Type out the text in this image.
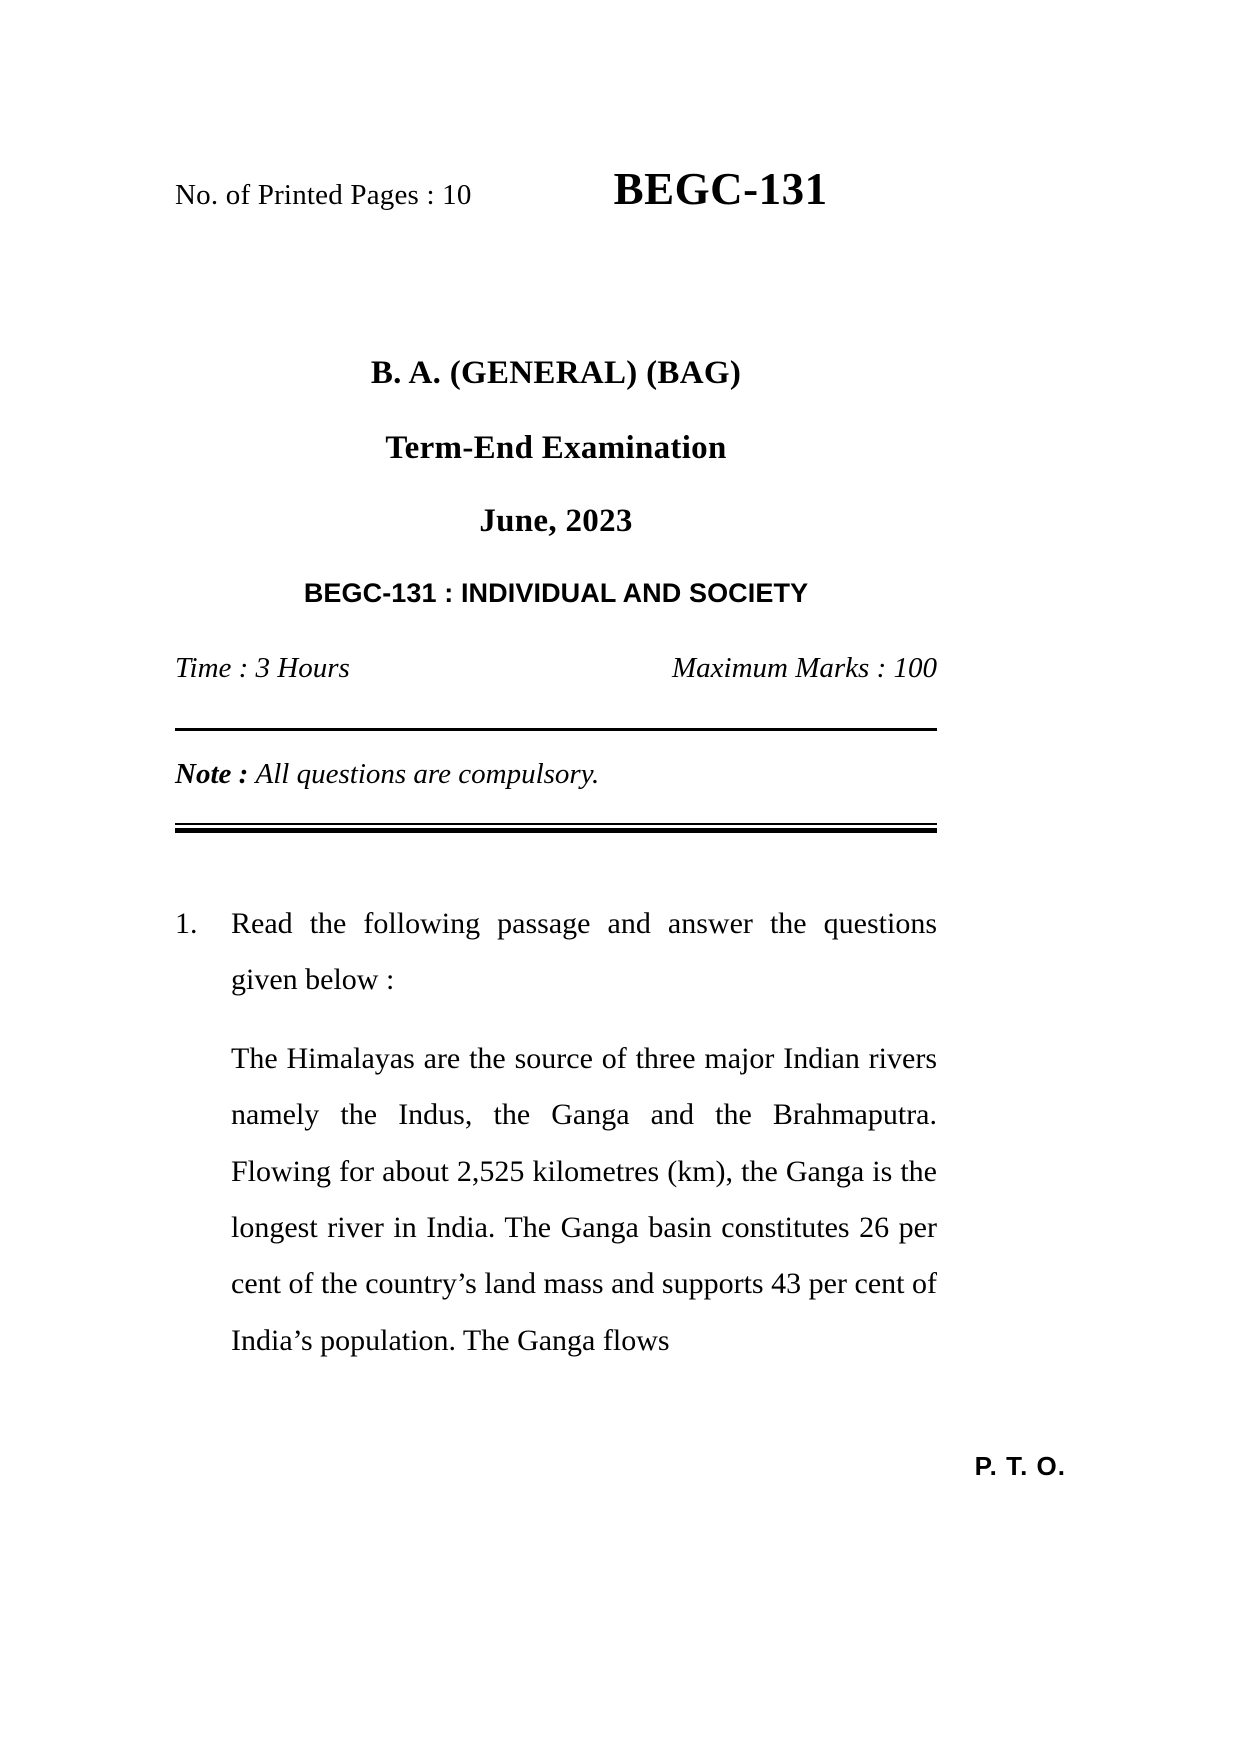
No. of Printed Pages : 10	BEGC-131
B. A. (GENERAL) (BAG)
Term-End Examination
June, 2023
BEGC-131 : INDIVIDUAL AND SOCIETY
Time : 3 Hours	Maximum Marks : 100
Note : All questions are compulsory.
1.	Read the following passage and answer the questions given below :
The Himalayas are the source of three major Indian rivers namely the Indus, the Ganga and the Brahmaputra. Flowing for about 2,525 kilometres (km), the Ganga is the longest river in India. The Ganga basin constitutes 26 per cent of the country’s land mass and supports 43 per cent of India’s population. The Ganga flows
P. T. O.
